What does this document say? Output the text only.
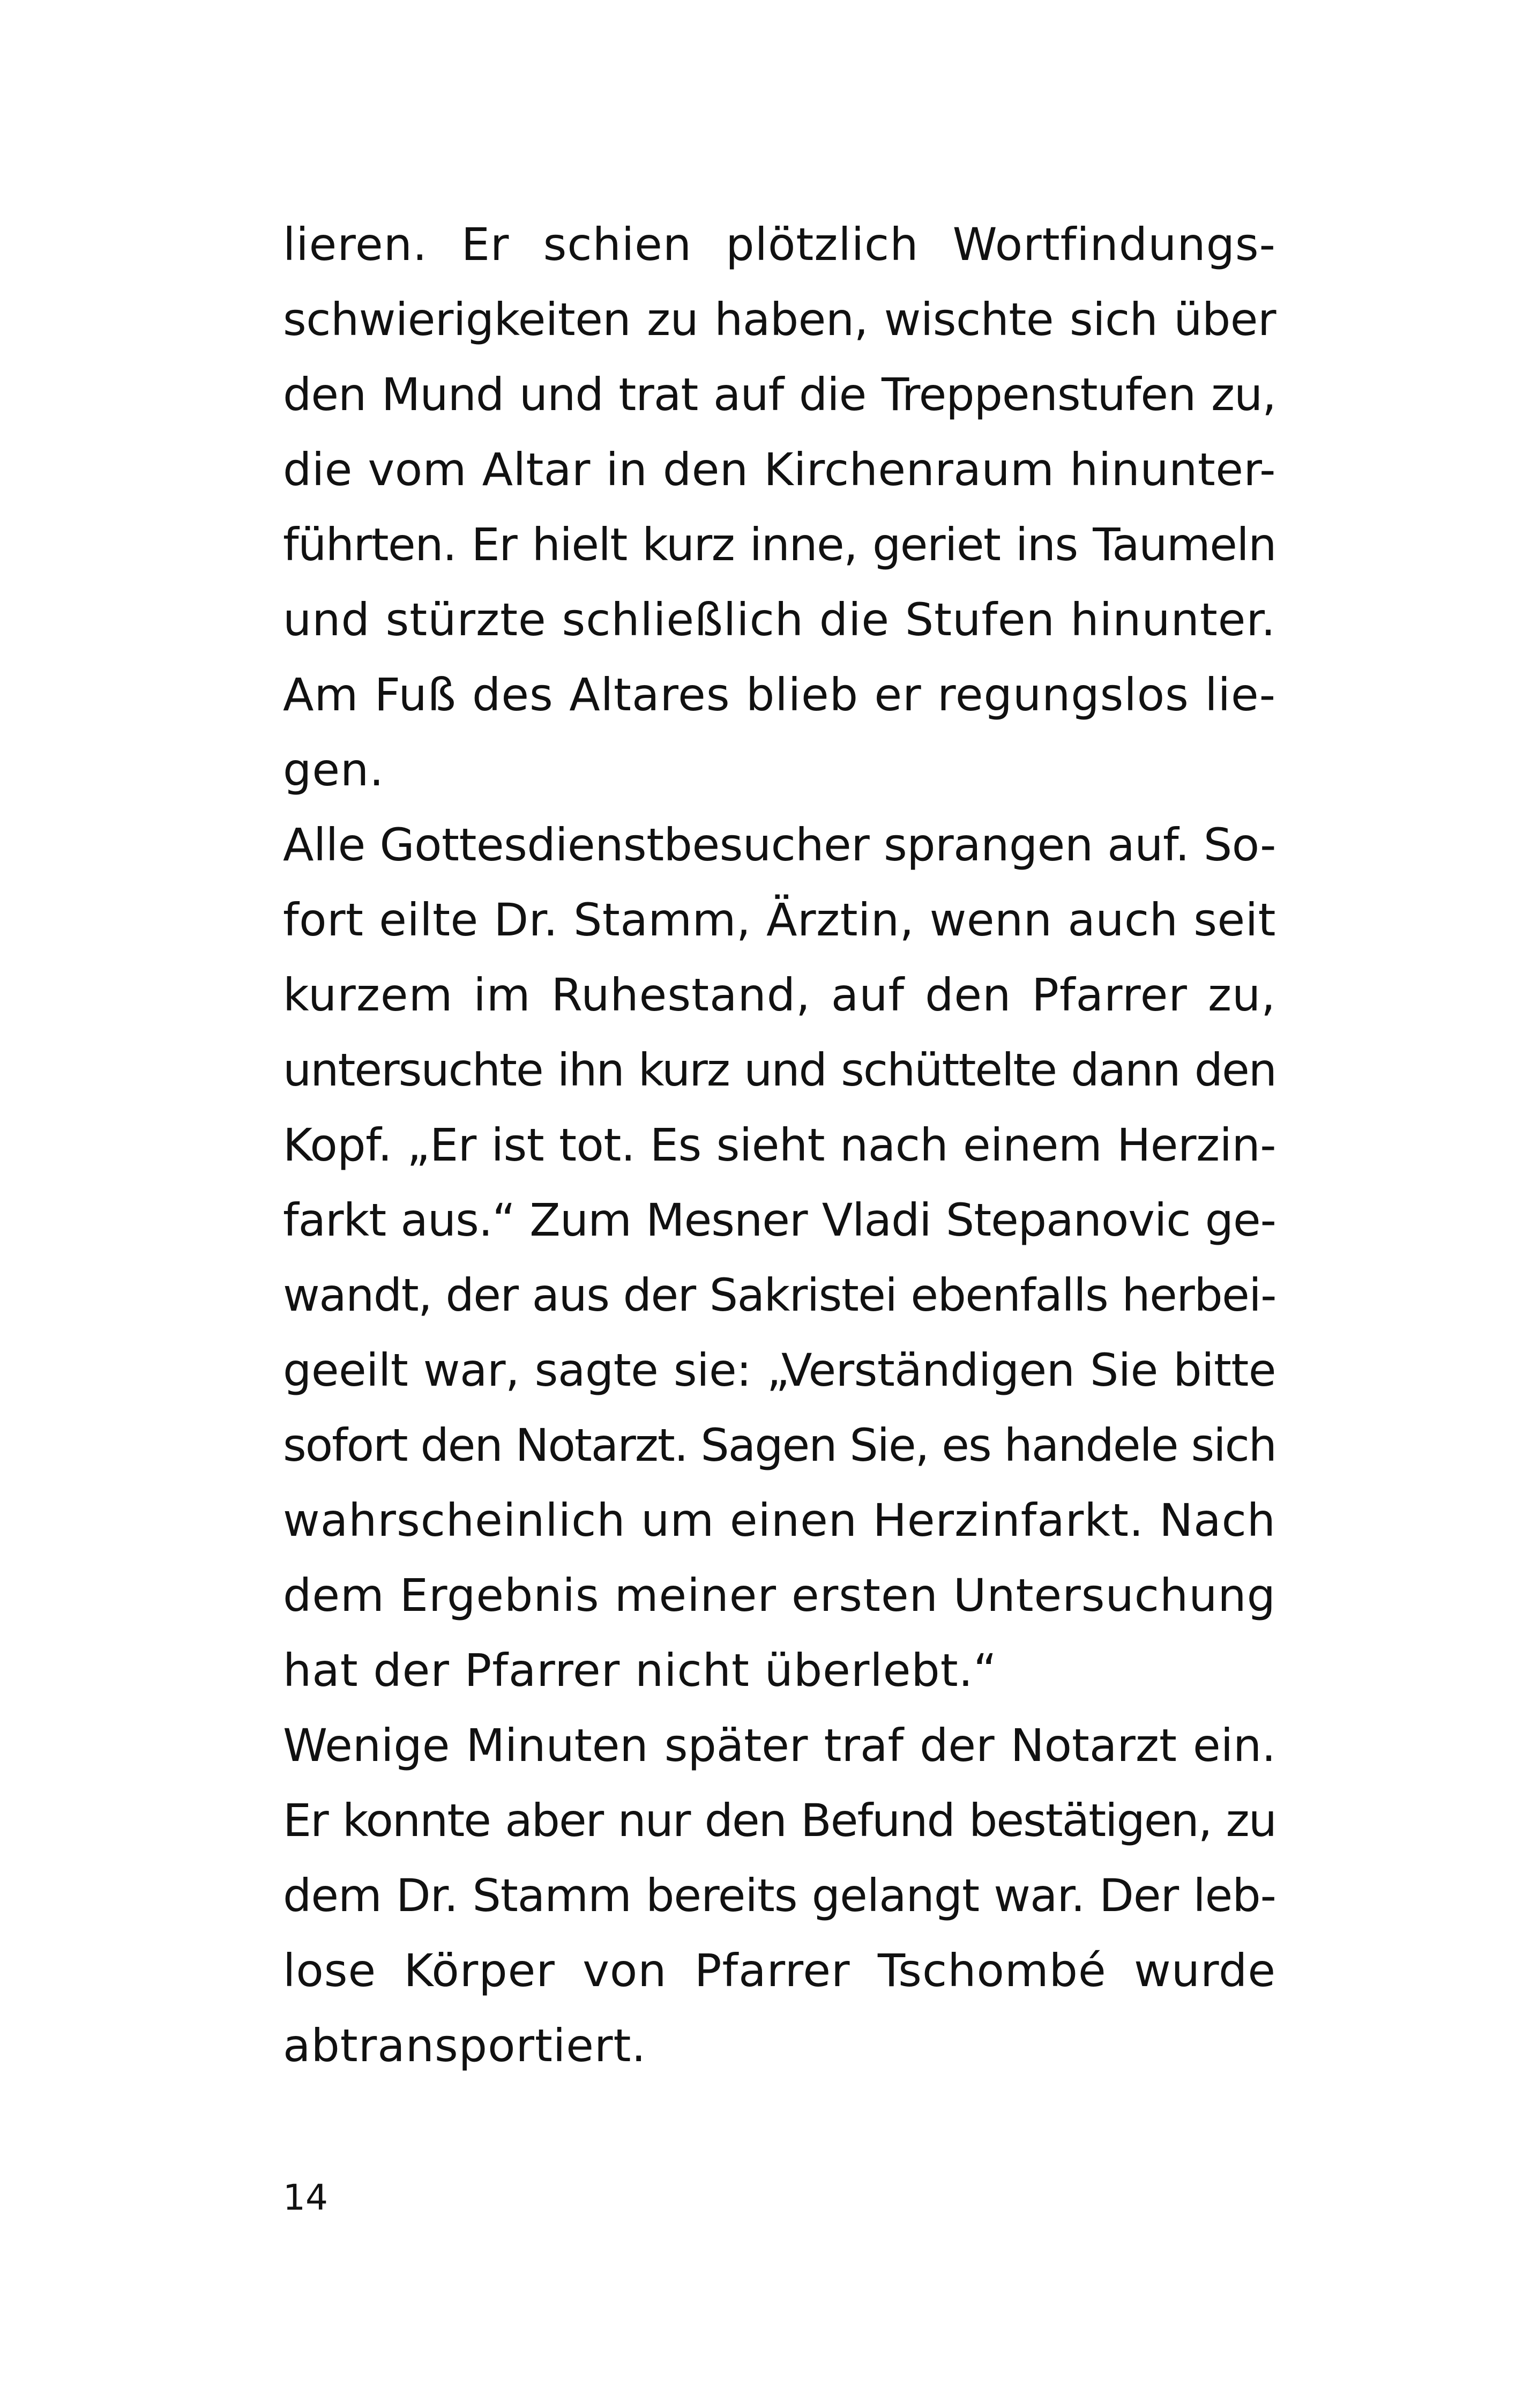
lieren. Er schien plötzlich Wortfindungs-
schwierigkeiten zu haben, wischte sich über
den Mund und trat auf die Treppenstufen zu,
die vom Altar in den Kirchenraum hinunter-
führten. Er hielt kurz inne, geriet ins Taumeln
und stürzte schließlich die Stufen hinunter.
Am Fuß des Altares blieb er regungslos lie-
gen.
Alle Gottesdienstbesucher sprangen auf. So-
fort eilte Dr. Stamm, Ärztin, wenn auch seit
kurzem im Ruhestand, auf den Pfarrer zu,
untersuchte ihn kurz und schüttelte dann den
Kopf. „Er ist tot. Es sieht nach einem Herzin-
farkt aus.“ Zum Mesner Vladi Stepanovic ge-
wandt, der aus der Sakristei ebenfalls herbei-
geeilt war, sagte sie: „Verständigen Sie bitte
sofort den Notarzt. Sagen Sie, es handele sich
wahrscheinlich um einen Herzinfarkt. Nach
dem Ergebnis meiner ersten Untersuchung
hat der Pfarrer nicht überlebt.“
Wenige Minuten später traf der Notarzt ein.
Er konnte aber nur den Befund bestätigen, zu
dem Dr. Stamm bereits gelangt war. Der leb-
lose Körper von Pfarrer Tschombé wurde
abtransportiert.
14
